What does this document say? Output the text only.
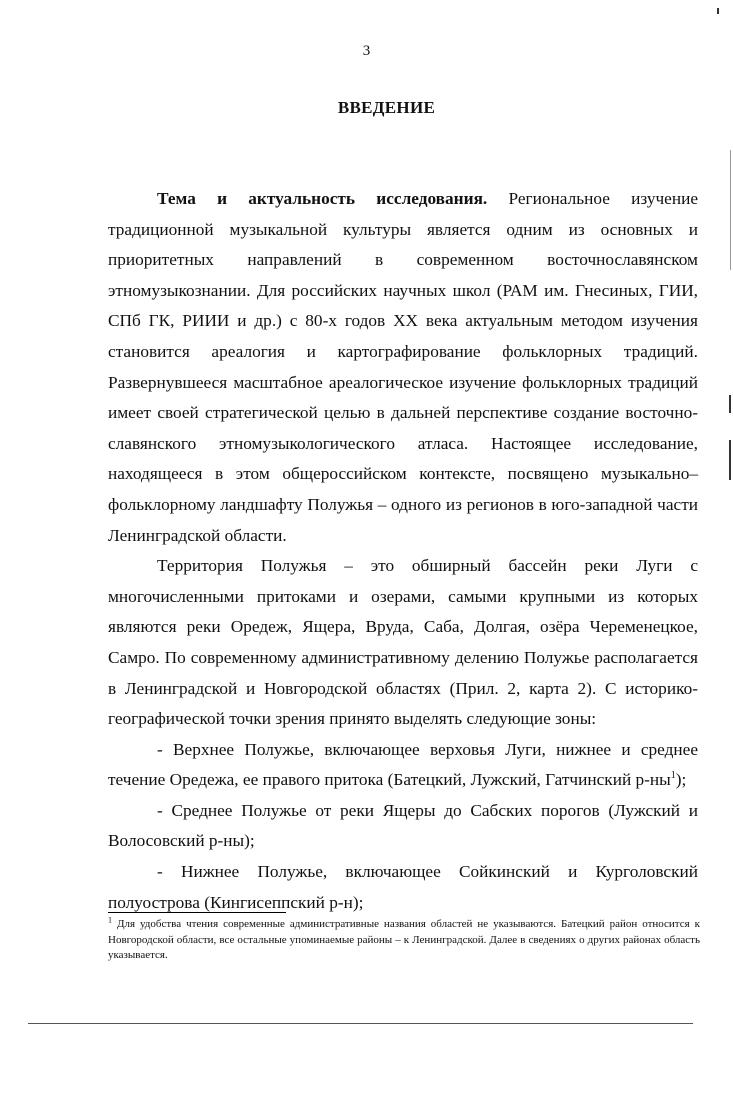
3
ВВЕДЕНИЕ

Тема и актуальность исследования. Региональное изучение традиционной музыкальной культуры является одним из основных и приоритетных направлений в современном восточнославянском этномузыкознании. Для российских научных школ (РАМ им. Гнесиных, ГИИ, СПб ГК, РИИИ и др.) с 80-х годов XX века актуальным методом изучения становится ареалогия и картографирование фольклорных традиций. Развернувшееся масштабное ареалогическое изучение фольклорных традиций имеет своей стратегической целью в дальней перспективе создание восточно-славянского этномузыкологического атласа. Настоящее исследование, находящееся в этом общероссийском контексте, посвящено музыкально–фольклорному ландшафту Полужья – одного из регионов в юго-западной части Ленинградской области.

Территория Полужья – это обширный бассейн реки Луги с многочисленными притоками и озерами, самыми крупными из которых являются реки Оредеж, Ящера, Вруда, Саба, Долгая, озёра Череменецкое, Самро. По современному административному делению Полужье располагается в Ленинградской и Новгородской областях (Прил. 2, карта 2). С историко-географической точки зрения принято выделять следующие зоны:

- Верхнее Полужье, включающее верховья Луги, нижнее и среднее течение Оредежа, ее правого притока (Батецкий, Лужский, Гатчинский $р-ны^1$);

- Среднее Полужье от реки Ящеры до Сабских порогов (Лужский и Волосовский р-ны);

- Нижнее Полужье, включающее Сойкинский и Курголовский полуострова (Кингисеппский р-н);

$^1$ Для удобства чтения современные административные названия областей не указываются. Батецкий район относится к Новгородской области, все остальные упоминаемые районы – к Ленинградской. Далее в сведениях о других районах область указывается.
